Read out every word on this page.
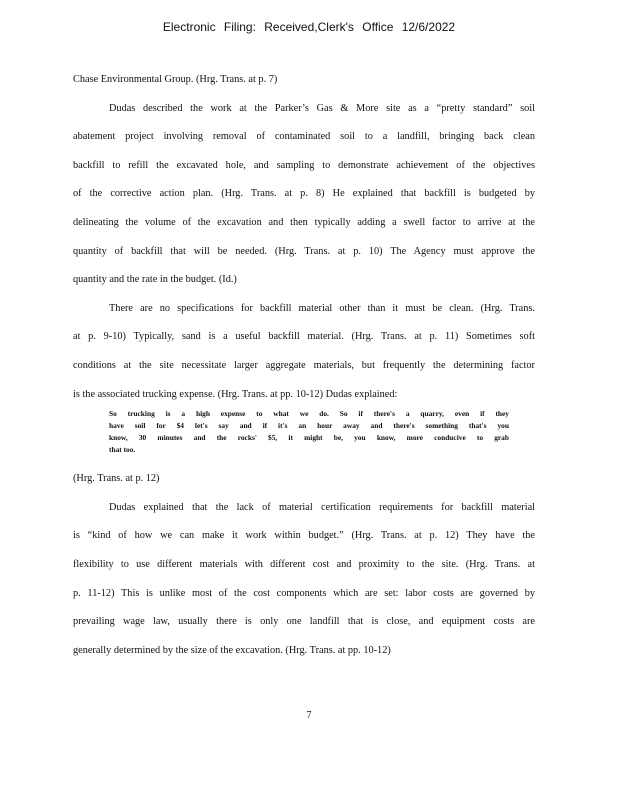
Electronic Filing: Received,Clerk's Office 12/6/2022
Chase Environmental Group. (Hrg. Trans. at p. 7)
Dudas described the work at the Parker’s Gas & More site as a “pretty standard” soil
abatement project involving removal of contaminated soil to a landfill, bringing back clean
backfill to refill the excavated hole, and sampling to demonstrate achievement of the objectives
of the corrective action plan. (Hrg. Trans. at p. 8) He explained that backfill is budgeted by
delineating the volume of the excavation and then typically adding a swell factor to arrive at the
quantity of backfill that will be needed. (Hrg. Trans. at p. 10) The Agency must approve the
quantity and the rate in the budget. (Id.)
There are no specifications for backfill material other than it must be clean. (Hrg. Trans.
at p. 9-10) Typically, sand is a useful backfill material. (Hrg. Trans. at p. 11) Sometimes soft
conditions at the site necessitate larger aggregate materials, but frequently the determining factor
is the associated trucking expense. (Hrg. Trans. at pp. 10-12) Dudas explained:
So trucking is a high expense to what we do. So if there's a quarry, even if they
have soil for $4 let's say and if it's an hour away and there's something that's you
know, 30 minutes and the rocks' $5, it might be, you know, more conducive to grab
that too.
(Hrg. Trans. at p. 12)
Dudas explained that the lack of material certification requirements for backfill material
is “kind of how we can make it work within budget.” (Hrg. Trans. at p. 12) They have the
flexibility to use different materials with different cost and proximity to the site. (Hrg. Trans. at
p. 11-12) This is unlike most of the cost components which are set: labor costs are governed by
prevailing wage law, usually there is only one landfill that is close, and equipment costs are
generally determined by the size of the excavation. (Hrg. Trans. at pp. 10-12)
7
